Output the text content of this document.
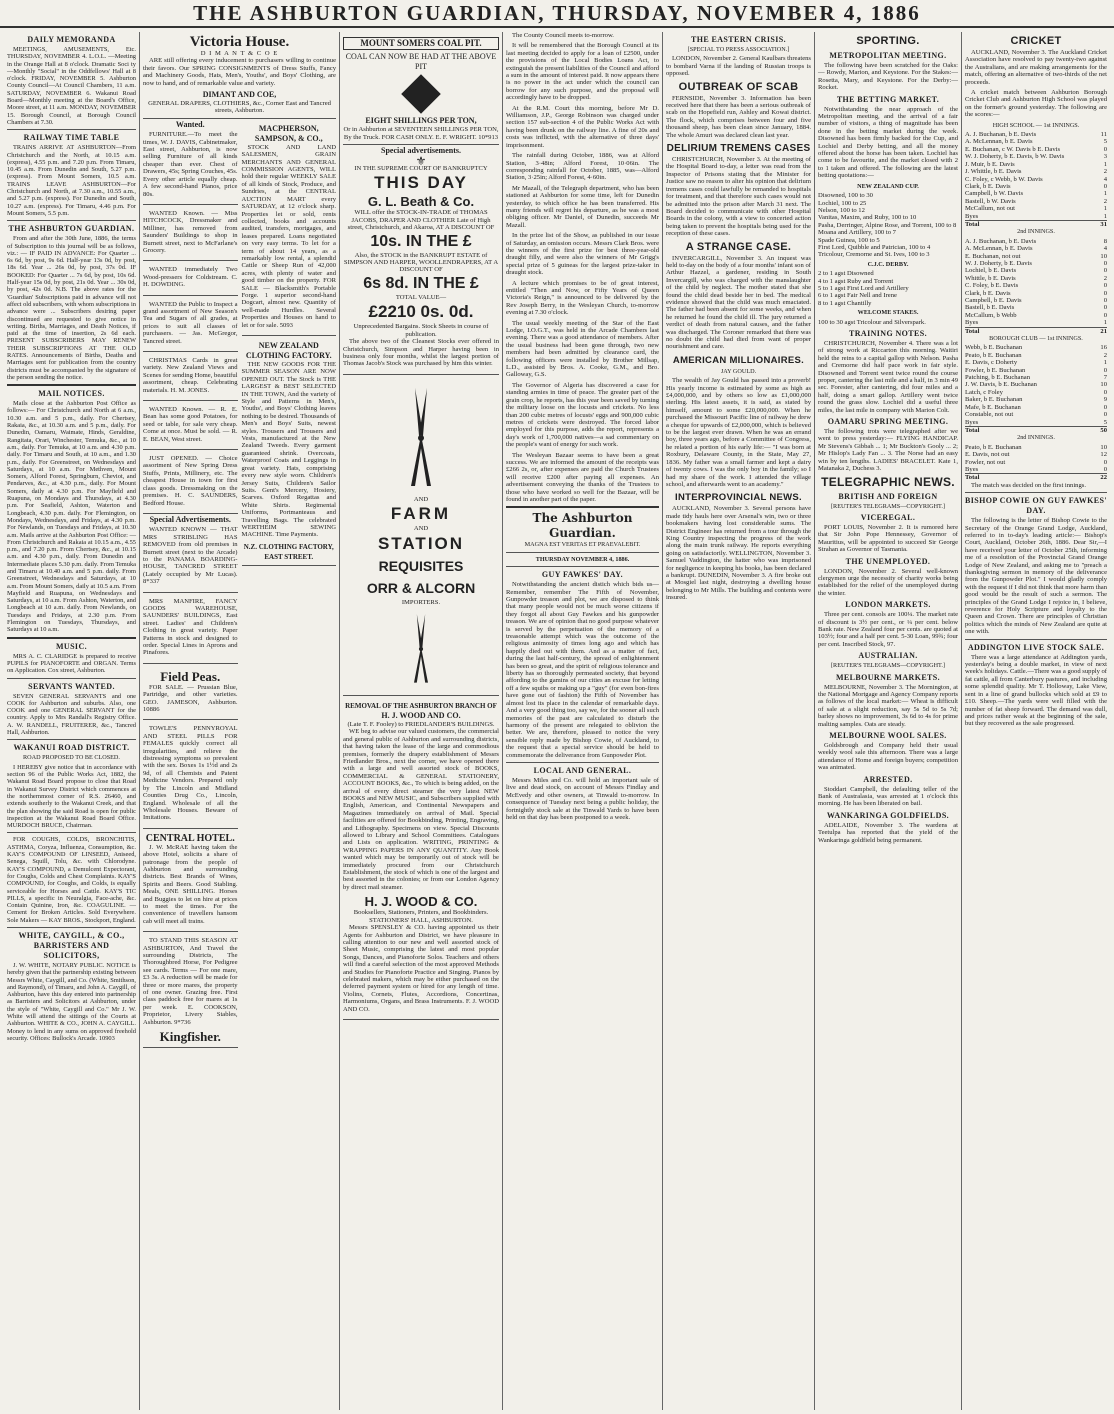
THE ASHBURTON GUARDIAN, THURSDAY, NOVEMBER 4, 1886
DAILY MEMORANDA

MEETINGS, AMUSEMENTS, Etc. THURSDAY, NOVEMBER 4. L.O.L. —Meeting in the Orange Hall at 8 o'clock. Dramatic Soci ty—Monthly "Social" in the Oddfellows' Hall at 8 o'clock. FRIDAY, NOVEMBER 5. Ashburton County Council—At Council Chambers, 11 a.m. SATURDAY, NOVEMBER 6. Wakanui Road Board—Monthly meeting at the Board's Office, Moore street, at 11 a.m. MONDAY, NOVEMBER 15. Borough Council, at Borough Council Chambers at 7.30.

RAILWAY TIME TABLE

TRAINS ARRIVE AT ASHBURTON—From Christchurch and the North, at 10.15 a.m. (express), 4.55 p.m. and 7.20 p.m. From Timaru, 10.45 a.m. From Dunedin and South, 5.27 p.m. (express). From Mount Somers, 10.5 a.m. TRAINS LEAVE ASHBURTON—For Christchurch and North, at 7.30 a.m., 10.55 a.m., and 5.27 p.m. (express). For Dunedin and South, 10.27 a.m. (express). For Timaru, 4.46 p.m. For Mount Somers, 5.5 p.m.

THE ASHBURTON GUARDIAN.

From and after the 30th June, 1886, the terms of Subscription to this journal will be as follows, viz.: — IF PAID IN ADVANCE: For Quarter ... 6s 6d, by post, 9s 6d. Half-year 13s 0d, by post, 18s 6d. Year ... 26s 0d, by post, 37s 0d. IF BOOKED: For Quarter ... 7s 6d, by post, 10s 6d. Half-year 15s 0d, by post, 21s 0d. Year ... 30s 0d, by post, 42s 0d. N.B. The above rates for the 'Guardian' Subscriptions paid in advance will not affect old subscribers, with whom subscriptions in advance were ... Subscribers desiring paper discontinued are requested to give notice in writing. Births, Marriages, and Death Notices, if paid at the time of insertion, 2s 6d each. PRESENT SUBSCRIBERS MAY RENEW THEIR SUBSCRIPTIONS AT THE OLD RATES. Announcements of Births, Deaths and Marriages sent for publication from the country districts must be accompanied by the signature of the person sending the notice.

MAIL NOTICES.

Mails close at the Ashburton Post Office as follows:— For Christchurch and North at 6 a.m., 10.30 a.m. and 5 p.m., daily. For Chertsey, Rakaia, &c., at 10.30 a.m. and 5 p.m., daily. For Dunedin, Oamaru, Waimate, Hinds, Geraldine, Rangitata, Orari, Winchester, Temuka, &c., at 10 a.m., daily. For Temuka, at 10 a.m. and 4.30 p.m. daily. For Timaru and South, at 10 a.m., and 1.30 p.m., daily. For Greenstreet, on Wednesdays and Saturdays, at 10 a.m. For Methven, Mount Somers, Alford Forest, Springburn, Cheviot, and Pendarves, &c., at 4.30 p.m., daily. For Mount Somers, daily at 4.30 p.m. For Mayfield and Ruapuna, on Mondays and Thursdays, at 4.30 p.m. For Seafield, Ashton, Waterton and Longbeach, 4.30 p.m. daily. For Flemington, on Mondays, Wednesdays, and Fridays, at 4.30 p.m. For Newlands, on Tuesdays and Fridays, at 10.30 a.m. Mails arrive at the Ashburton Post Office: — From Christchurch and Rakaia at 10.15 a.m., 4.55 p.m., and 7.20 p.m. From Chertsey, &c., at 10.15 a.m. and 4.30 p.m., daily. From Dunedin and Intermediate places 5.30 p.m. daily. From Temuka and Timaru at 10.40 a.m. and 5 p.m. daily. From Greenstreet, Wednesdays and Saturdays, at 10 a.m. From Mount Somers, daily at 10.5 a.m. From Mayfield and Ruapuna, on Wednesdays and Saturdays, at 10 a.m. From Ashton, Waterton, and Longbeach at 10 a.m. daily. From Newlands, on Tuesdays and Fridays, at 2.30 p.m. From Flemington on Tuesdays, Thursdays, and Saturdays at 10 a.m.

MUSIC.

MRS A. C. CLARIDGE is prepared to receive PUPILS for PIANOFORTE and ORGAN. Terms on Application. Cox street, Ashburton.

SERVANTS WANTED.

SEVEN GENERAL SERVANTS and one COOK for Ashburton and suburbs. Also, one COOK and one GENERAL SERVANT for the country. Apply to Mrs Randall's Registry Office. A. W. RANDELL, FRUITERER, &c., Tancred Hall, Ashburton.

WAKANUI ROAD DISTRICT.
ROAD PROPOSED TO BE CLOSED.

I HEREBY give notice that in accordance with section 96 of the Public Works Act, 1882, the Wakanui Road Board propose to close that Road in Wakanui Survey District which commences at the northernmost corner of R.S. 26460, and extends southerly to the Wakanui Creek, and that the plan showing the said Road is open for public inspection at the Wakanui Road Board Office. MURDOCH BRUCE, Chairman.

FOR COUGHS, COLDS, BRONCHITIS, ASTHMA, Coryza, Influenza, Consumption, &c. KAY'S COMPOUND OF LINSEED, Aniseed, Senega, Squill, Tolu, &c. with Chlorodyne. KAY'S COMPOUND, a Demulcent Expectorant, for Coughs, Colds and Chest Complaints. KAY'S COMPOUND, for Coughs, and Colds, is equally serviceable for Horses and Cattle. KAY'S TIC PILLS, a specific in Neuralgia, Face-ache, &c. Contain Quinine, Iron, &c. COAGULINE. — Cement for Broken Articles. Sold Everywhere. Sole Makers — KAY BROS., Stockport, England.

WHITE, CAYGILL, & CO., BARRISTERS AND SOLICITORS,

J. W. WHITE, NOTARY PUBLIC. NOTICE is hereby given that the partnership existing between Messrs White, Caygill, and Co. (White, Smithson, and Raymond), of Timaru, and John A. Caygill, of Ashburton, have this day entered into partnership as Barristers and Solicitors at Ashburton, under the style of "White, Caygill and Co." Mr J. W. White will attend the sittings of the Courts at Ashburton. WHITE & CO., JOHN A. CAYGILL. Money to lend in any sums on approved freehold security. Offices: Bullock's Arcade. 10903

Victoria House.
D I M A N T & C O E

ARE still offering every inducement to purchasers willing to continue their favors. Our SPRING CONSIGNMENTS of Dress Stuffs, Fancy and Machinery Goods, Hats, Men's, Youths', and Boys' Clothing, are now to hand, and of remarkable value and variety.

DIMANT AND COE,
GENERAL DRAPERS, CLOTHIERS, &c., Corner East and Tancred streets, Ashburton.
Wanted.

FURNITURE.—To meet the times, W. J. DAVIS, Cabinetmaker, East street, Ashburton, is now selling Furniture of all kinds cheaper than ever. Chest of Drawers, 45s; Spring Couches, 45s. Every other article equally cheap. A few second-hand Pianos, price 80s.

WANTED Known. — Miss HITCHCOCK, Dressmaker and Milliner, has removed from Saunders' Buildings to shop in Burnett street, next to McFarlane's Grocery.

WANTED immediately Two Wood-pressers for Coldstream. C. H. DOWDING.

WANTED the Public to Inspect a grand assortment of New Season's Tea and Sugars of all grades, at prices to suit all classes of purchasers. — Jas. McGregor, Tancred street.

CHRISTMAS Cards in great variety. New Zealand Views and Scenes for sending Home, beautiful assortment, cheap. Celebrating materials. H. M. JONES.

WANTED Known. — R. E. Bean has some good Potatoes, for seed or table, for sale very cheap. Come at once. Must be sold. — R. E. BEAN, West street.

JUST OPENED. — Choice assortment of New Spring Dress Stuffs, Prints, Millinery, etc. The cheapest House in town for first class goods. Dressmaking on the premises. H. C. SAUNDERS, Bedford House.

Special Advertisements.

WANTED KNOWN — THAT MRS STRIBLING HAS REMOVED from old premises in Burnett street (next to the Arcade) to the PANAMA BOARDING-HOUSE, TANCRED STREET (Lately occupied by Mr Lucas). 8*337

MRS MANFIRE, FANCY GOODS WAREHOUSE, SAUNDERS' BUILDINGS, East street. Ladies' and Children's Clothing in great variety. Paper Patterns in stock and designed to order. Special Lines in Aprons and Pinafores.

Field Peas.

FOR SALE. — Prussian Blue, Partridge, and other varieties. GEO. JAMESON, Ashburton. 10886

TOWLE'S PENNYROYAL AND STEEL PILLS FOR FEMALES quickly correct all irregularities, and relieve the distressing symptoms so prevalent with the sex. Boxes 1s 1½d and 2s 9d, of all Chemists and Patent Medicine Vendors. Prepared only by The Lincoln and Midland Counties Drug Co., Lincoln, England. Wholesale of all the Wholesale Houses. Beware of Imitations.

CENTRAL HOTEL.

J. W. McRAE having taken the above Hotel, solicits a share of patronage from the people of Ashburton and surrounding districts. Best Brands of Wines, Spirits and Beers. Good Stabling. Meals, ONE SHILLING. Horses and Buggies to let on hire at prices to meet the times. For the convenience of travellers hansom cab will meet all trains.

TO STAND THIS SEASON AT ASHBURTON, And Travel the surrounding Districts, The Thoroughbred Horse, For Pedigree see cards. Terms — For one mare, £3 3s. A reduction will be made for three or more mares, the property of one owner. Grazing free. First class paddock free for mares at 1s per week. E. COOKSON, Proprietor, Livery Stables, Ashburton. 9*736

Kingfisher.
MACPHERSON, SAMPSON, & CO.,

STOCK AND LAND SALESMEN, GRAIN MERCHANTS AND GENERAL COMMISSION AGENTS, WILL hold their regular WEEKLY SALE of all kinds of Stock, Produce, and Sundries, at the CENTRAL AUCTION MART every SATURDAY, at 12 o'clock sharp. Properties let or sold, rents collected, books and accounts audited, transfers, mortgages, and leases prepared. Loans negotiated on very easy terms. To let for a term of about 14 years, as a remarkably low rental, a splendid Cattle or Sheep Run of 42,000 acres, with plenty of water and good timber on the property. FOR SALE — Blacksmith's Portable Forge. 1 superior second-hand Dogcart, almost new. Quantity of well-made Hurdles. Several Properties and Houses on hand to let or for sale. 5093

NEW ZEALAND CLOTHING FACTORY.

THE NEW GOODS FOR THE SUMMER SEASON ARE NOW OPENED OUT. The Stock is THE LARGEST & BEST SELECTED IN THE TOWN, And the variety of Style and Patterns in Men's, Youths', and Boys' Clothing leaves nothing to be desired. Thousands of Men's and Boys' Suits, newest styles. Trousers and Trousers and Vests, manufactured at the New Zealand Tweeds. Every garment guaranteed shrink. Overcoats, Waterproof Coats and Leggings in great variety. Hats, comprising every new style worn. Children's Jersey Suits, Children's Sailor Suits. Gent's Mercery, Hosiery, Scarves. Oxford Regattas and White Shirts. Regimental Uniforms, Portmanteaus and Travelling Bags. The celebrated WERTHEIM SEWING MACHINE. Time Payments.

N.Z. CLOTHING FACTORY, EAST STREET.
MOUNT SOMERS COAL PIT.
COAL CAN NOW BE HAD AT THE ABOVE PIT
EIGHT SHILLINGS PER TON,
Or in Ashburton at SEVENTEEN SHILLINGS PER TON, By the Truck. FOR CASH ONLY. E. F. WRIGHT. 10*913
Special advertisements.
⚜
IN THE SUPREME COURT OF BANKRUPTCY
THIS DAY
G. L. Beath & Co.
WILL offer the STOCK-IN-TRADE of THOMAS JACOBS, DRAPER AND CLOTHIER Late of High street, Christchurch, and Akaroa, AT A DISCOUNT OF
10s. IN THE £
Also, the STOCK in the BANKRUPT ESTATE of SIMPSON AND HARPER, WOOLLENDRAPERS, AT A DISCOUNT OF
6s 8d. IN THE £
TOTAL VALUE—
£2210 0s. 0d.
Unprecedented Bargains. Stock Sheets in course of publication.

The above two of the Cleanest Stocks ever offered in Christchurch, Simpson and Harper having been in business only four months, whilst the largest portion of Thomas Jacob's Stock was purchased by him this winter.

AND
FARM
AND
STATION
REQUISITES
ORR & ALCORN
IMPORTERS.
REMOVAL OF THE ASHBURTON BRANCH OF
H. J. WOOD AND CO.
(Late T. F. Fooley) to FRIEDLANDER'S BUILDINGS.

WE beg to advise our valued customers, the commercial and general public of Ashburton and surrounding districts, that having taken the lease of the large and commodious premises, formerly the drapery establishment of Messrs Friedlander Bros., next the corner, we have opened there with a large and well assorted stock of BOOKS, COMMERCIAL & GENERAL STATIONERY, ACCOUNT BOOKS, &c., To which is being added, on the arrival of every direct steamer the very latest NEW BOOKS and NEW MUSIC, and Subscribers supplied with English, American, and Continental Newspapers and Magazines immediately on arrival of Mail. Special facilities are offered for Bookbinding, Printing, Engraving, and Lithography. Specimens on view. Special Discounts allowed to Library and School Committees. Catalogues and Lists on application. WRITING, PRINTING & WRAPPING PAPERS IN ANY QUANTITY. Any Book wanted which may be temporarily out of stock will be immediately procured from our Christchurch Establishment, the stock of which is one of the largest and best assorted in the colonies; or from our London Agency by direct mail steamer.

H. J. WOOD & CO.
Booksellers, Stationers, Printers, and Bookbinders. STATIONERS' HALL, ASHBURTON.

Messrs SPENSLEY & CO. having appointed us their Agents for Ashburton and District, we have pleasure in calling attention to our new and well assorted stock of Sheet Music, comprising the latest and most popular Songs, Dances, and Pianoforte Solos. Teachers and others will find a careful selection of the most approved Methods and Studies for Pianoforte Practice and Singing. Pianos by celebrated makers, which may be either purchased on the deferred payment system or hired for any length of time. Violins, Cornets, Flutes, Accordions, Concertinas, Harmoniums, Organs, and Brass Instruments. F. J. WOOD AND CO.

The County Council meets to-morrow.

It will be remembered that the Borough Council at its last meeting decided to apply for a loan of £2500, under the provisions of the Local Bodies Loans Act, to extinguish the present liabilities of the Council and afford a sum in the amount of interest paid. It now appears there is no power in the act under which the council can borrow for any such purpose, and the proposal will accordingly have to be dropped.

At the R.M. Court this morning, before Mr D. Williamson, J.P., George Robinson was charged under section 157 sub-section 4 of the Public Works Act with having been drunk on the railway line. A fine of 20s and costs was inflicted, with the alternative of three days' imprisonment.

The rainfall during October, 1886, was at Alford Station, 3·48in; Alford Forest, 10·06in. The corresponding rainfall for October, 1885, was—Alford Station, 3·25in; Alford Forest, 4·60in.

Mr Mazall, of the Telegraph department, who has been stationed at Ashburton for some time, left for Dunedin yesterday, to which office he has been transferred. His many friends will regret his departure, as he was a most obliging officer. Mr Daniel, of Dunedin, succeeds Mr Mazall.

In the prize list of the Show, as published in our issue of Saturday, an omission occurs. Messrs Clark Bros. were the winners of the first prize for best three-year-old draught filly, and were also the winners of Mr Grigg's special prize of 5 guineas for the largest prize-taker in draught stock.

A lecture which promises to be of great interest, entitled "Then and Now, or Fifty Years of Queen Victoria's Reign," is announced to be delivered by the Rev Joseph Berry, in the Wesleyan Church, to-morrow evening at 7.30 o'clock.

The usual weekly meeting of the Star of the East Lodge, I.O.G.T., was held in the Arcade Chambers last evening. There was a good attendance of members. After the usual business had been gone through, two new members had been admitted by clearance card, the following officers were installed by Brother Millsap, L.D., assisted by Bros. A. Cooke, G.M., and Bro. Galloway, G.S.

The Governor of Algeria has discovered a case for standing armies in time of peace. The greater part of the grain crop, he reports, has this year been saved by turning the military loose on the locusts and crickets. No less than 200 cubic metres of locusts' eggs and 900,000 cubic metres of crickets were destroyed. The forced labor employed for this purpose, adds the report, represents a day's work of 1,700,000 natives—a sad commentary on the people's want of energy for such work.

The Wesleyan Bazaar seems to have been a great success. We are informed the amount of the receipts was £266 2s, or, after expenses are paid the Church Trustees will receive £200 after paying all expenses. An advertisement conveying the thanks of the Trustees to those who have worked so well for the Bazaar, will be found in another part of the paper.

The Ashburton Guardian.
MAGNA EST VERITAS ET PRAEVALEBIT.
THURSDAY NOVEMBER 4, 1886.
GUY FAWKES' DAY.

Notwithstanding the ancient distich which bids us— Remember, remember The Fifth of November, Gunpowder treason and plot, we are disposed to think that many people would not be much worse citizens if they forgot all about Guy Fawkes and his gunpowder treason. We are of opinion that no good purpose whatever is served by the perpetuation of the memory of a treasonable attempt which was the outcome of the religious animosity of times long ago and which has happily died out with them. And as a matter of fact, during the last half-century, the spread of enlightenment has been so great, and the spirit of religious tolerance and liberty has so thoroughly permeated society, that beyond affording to the gamins of our cities an excuse for letting off a few squibs or making up a "guy" (for even bon-fires have gone out of fashion) the Fifth of November has almost lost its place in the calendar of remarkable days. And a very good thing too, say we, for the sooner all such memories of the past are calculated to disturb the harmony of the present are relegated to oblivion the better. We are, therefore, pleased to notice the very sensible reply made by Bishop Cowie, of Auckland, to the request that a special service should be held to commemorate the deliverance from Gunpowder Plot.

LOCAL AND GENERAL.

Messrs Miles and Co. will hold an important sale of live and dead stock, on account of Messrs Findlay and McEvedy and other owners, at Tinwald to-morrow. In consequence of Tuesday next being a public holiday, the fortnightly stock sale at the Tinwald Yards to have been held on that day has been postponed to a week.

THE EASTERN CRISIS.
[SPECIAL TO PRESS ASSOCIATION.]

LONDON, November 2. General Kaulbars threatens to bombard Varna if the landing of Russian troops is opposed.

OUTBREAK OF SCAB

FERNSIDE, November 3. Information has been received here that there has been a serious outbreak of scab on the Hopefield run, Ashley and Kowai district. The flock, which comprises between four and five thousand sheep, has been clean since January, 1884. The whole Amuri was declared clean last year.

DELIRIUM TREMENS CASES

CHRISTCHURCH, November 3. At the meeting of the Hospital Board to-day, a letter was read from the Inspector of Prisons stating that the Minister for Justice saw no reason to alter his opinion that delirium tremens cases could lawfully be remanded to hospitals for treatment, and that therefore such cases would not be admitted into the prison after March 31 next. The Board decided to communicate with other Hospital Boards in the colony, with a view to concerted action being taken to prevent the hospitals being used for the reception of these cases.

A STRANGE CASE.

INVERCARGILL, November 3. An inquest was held to-day on the body of a four months' infant son of Arthur Hazzel, a gardener, residing in South Invercargill, who was charged with the manslaughter of the child by neglect. The mother stated that she found the child dead beside her in bed. The medical evidence showed that the child was much emaciated. The father had been absent for some weeks, and when he returned he found the child ill. The jury returned a verdict of death from natural causes, and the father was discharged. The Coroner remarked that there was no doubt the child had died from want of proper nourishment and care.

AMERICAN MILLIONAIRES.
JAY GOULD.

The wealth of Jay Gould has passed into a proverb! His yearly income is estimated by some as high as £4,000,000, and by others so low as £1,000,000 sterling. His latest assets, it is said, as stated by himself, amount to some £20,000,000. When he purchased the Missouri Pacific line of railway he drew a cheque for upwards of £2,000,000, which is believed to be the largest ever drawn. When he was an errand boy, three years ago, before a Committee of Congress, he related a portion of his early life:— "I was born at Roxbury, Delaware County, in the State, May 27, 1836. My father was a small farmer and kept a dairy of twenty cows. I was the only boy in the family; so I had my share of the work. I attended the village school, and afterwards went to an academy."

INTERPROVINCIAL NEWS.

AUCKLAND, November 3. Several persons have made tidy hauls here over Arsenal's win, two or three bookmakers having lost considerable sums. The District Engineer has returned from a tour through the King Country inspecting the progress of the work along the main trunk railway. He reports everything going on satisfactorily. WELLINGTON, November 3. Samuel Vaddington, the hatter who was imprisoned for negligence in keeping his books, has been declared a bankrupt. DUNEDIN, November 3. A fire broke out at Mosgiel last night, destroying a dwelling house belonging to Mr Mills. The building and contents were insured.

SPORTING.
METROPOLITAN MEETING.

The following have been scratched for the Oaks:— Rowdy, Marion, and Keystone. For the Stakes:— Rosetta, Mary, and Keystone. For the Derby:— Rocket.

THE BETTING MARKET.

Notwithstanding the near approach of the Metropolitan meeting, and the arrival of a fair number of visitors, a thing of magnitude has been done in the betting market during the week. Disowned has been firmly backed for the Cup, and Lochiel and Derby betting, and all the money offered about the horse has been taken. Lochiel has come to be favourite, and the market closed with 2 to 1 taken and offered. The following are the latest betting quotations:—

NEW ZEALAND CUP.
Disowned, 100 to 30
Lochiel, 100 to 25
Nelson, 100 to 12
Vanitas, Maxim, and Ruby, 100 to 10
Pasha, Derringer, Alpine Rose, and Torrent, 100 to 8
Moana and Artillery, 100 to 7
Spade Guinea, 100 to 5
First Lord, Quibble and Patrician, 100 to 4
Tricolour, Cremorne and St. Ives, 100 to 3
C.J.C. DERBY.
2 to 1 agst Disowned
4 to 1 agst Ruby and Torrent
5 to 1 agst First Lord and Artillery
6 to 1 agst Fair Nell and Irene
8 to 1 agst Chantilly
WELCOME STAKES.
100 to 30 agst Tricolour and Silverspark.
TRAINING NOTES.

CHRISTCHURCH, November 4. There was a lot of strong work at Riccarton this morning. Waitiri held the reins to a capital gallop with Nelson. Pasha and Cremorne did half pace work in fair style. Disowned and Torrent went twice round the course proper, cantering the last mile and a half, in 3 min 49 sec. Forester, after cantering, did four miles and a half, doing a smart gallop. Artillery went twice round the grass slow. Lochiel did a useful three miles, the last mile in company with Marion Colt.

OAMARU SPRING MEETING.

The following trots were telegraphed after we went to press yesterday:— FLYING HANDICAP. Mr Stevens's Gibbah ... 1; Mr Buckton's Gooly ... 2; Mr Hislop's Lady Fan ... 3. The Norse had an easy win by ten lengths. LADIES' BRACELET. Kate 1, Matanaka 2, Duchess 3.

TELEGRAPHIC NEWS.
BRITISH AND FOREIGN
[REUTER'S TELEGRAMS—COPYRIGHT.]
VICEREGAL.

PORT LOUIS, November 2. It is rumored here that Sir John Pope Hennessey, Governor of Mauritius, will be appointed to succeed Sir George Strahan as Governor of Tasmania.

THE UNEMPLOYED.

LONDON, November 2. Several well-known clergymen urge the necessity of charity works being established for the relief of the unemployed during the winter.

LONDON MARKETS.

Three per cent. consols are 100¼. The market rate of discount is 3½ per cent., or ¼ per cent. below Bank rate. New Zealand four per cents. are quoted at 103½; four and a half per cent. 5-30 Loan, 99¾; four per cent. Inscribed Stock, 97.

AUSTRALIAN.
[REUTER'S TELEGRAMS—COPYRIGHT.]
MELBOURNE MARKETS.

MELBOURNE, November 3. The Mornington, at the National Mortgage and Agency Company reports as follows of the local market:— Wheat is difficult of sale at a slight reduction, say 5s 5d to 5s 7d; barley shows no improvement, 3s 6d to 4s for prime malting samples. Oats are steady.

MELBOURNE WOOL SALES.

Goldsbrough and Company held their usual weekly wool sale this afternoon. There was a large attendance of Home and foreign buyers; competition was animated.

ARRESTED.

Stoddart Campbell, the defaulting teller of the Bank of Australasia, was arrested at 1 o'clock this morning. He has been liberated on bail.

WANKARINGA GOLDFIELDS.

ADELAIDE, November 3. The wardens at Teetulpa has reported that the yield of the Wankaringa goldfield being permanent.

CRICKET

AUCKLAND, November 3. The Auckland Cricket Association have resolved to pay twenty-two against the Australians, and are making arrangements for the match, offering an alternative of two-thirds of the net proceeds.

A cricket match between Ashburton Borough Cricket Club and Ashburton High School was played on the former's ground yesterday. The following are the scores:—

HIGH SCHOOL — 1st INNINGS.
A. J. Buchanan, b E. Davis	11
A. McLennan, b E. Davis	5
E. Buchanan, c W. Davis b E. Davis	0
W. J. Doherty, b E. Davis, b W. Davis	3
J. Muir, b E. Davis	1
J. Whittle, b E. Davis	2
C. Foley, c Webb, b W. Davis	4
Clark, b E. Davis	0
Campbell, b W. Davis	1
Bastell, b W. Davis	2
McCallum, not out	1
Byes	1
Total	31
2nd INNINGS.
A. J. Buchanan, b E. Davis	8
A. McLennan, b E. Davis	4
E. Buchanan, not out	10
W. J. Doherty, b E. Davis	0
Lochiel, b E. Davis	0
Whittle, b E. Davis	2
C. Foley, b E. Davis	0
Clark, b E. Davis	0
Campbell, b E. Davis	0
Bastell, b E. Davis	0
McCallum, b Webb	0
Byes	1
Total	21
BOROUGH CLUB — 1st INNINGS.
Webb, b E. Buchanan	16
Peato, b E. Buchanan	2
E. Davis, c Doherty	1
Fowler, b E. Buchanan	0
Patching, b E. Buchanan	7
J. W. Davis, b E. Buchanan	10
Latch, c Foley	0
Baker, b E. Buchanan	9
Mafe, b E. Buchanan	0
Constable, not out	0
Byes	5
Total	50
2nd INNINGS.
Peato, b E. Buchanan	10
E. Davis, not out	12
Fowler, not out	0
Byes	0
Total	22

The match was decided on the first innings.

BISHOP COWIE ON GUY FAWKES' DAY.

The following is the letter of Bishop Cowie to the Secretary of the Orange Grand Lodge, Auckland, referred to in to-day's leading article:— Bishop's Court, Auckland, October 26th, 1886. Dear Sir,—I have received your letter of October 25th, informing me of a resolution of the Provincial Grand Orange Lodge of New Zealand, and asking me to "preach a thanksgiving sermon in memory of the deliverance from the Gunpowder Plot." I would gladly comply with the request if I did not think that more harm than good would be the result of such a sermon. The principles of the Grand Lodge I rejoice in, I believe, reverence for Holy Scripture and loyalty to the Queen and Crown. There are principles of Christian politics which the minds of New Zealand are quite at one with.

ADDINGTON LIVE STOCK SALE.

There was a large attendance at Addington yards, yesterday's being a double market, in view of next week's holidays. Cattle.—There was a good supply of fat cattle, all from Canterbury pastures, and including some splendid quality. Mr T. Holloway, Lake View, sent in a line of grand bullocks which sold at £9 to £10. Sheep.—The yards were well filled with the number of fat sheep forward. The demand was dull, and prices rather weak at the beginning of the sale, but they recovered as the sale progressed.
